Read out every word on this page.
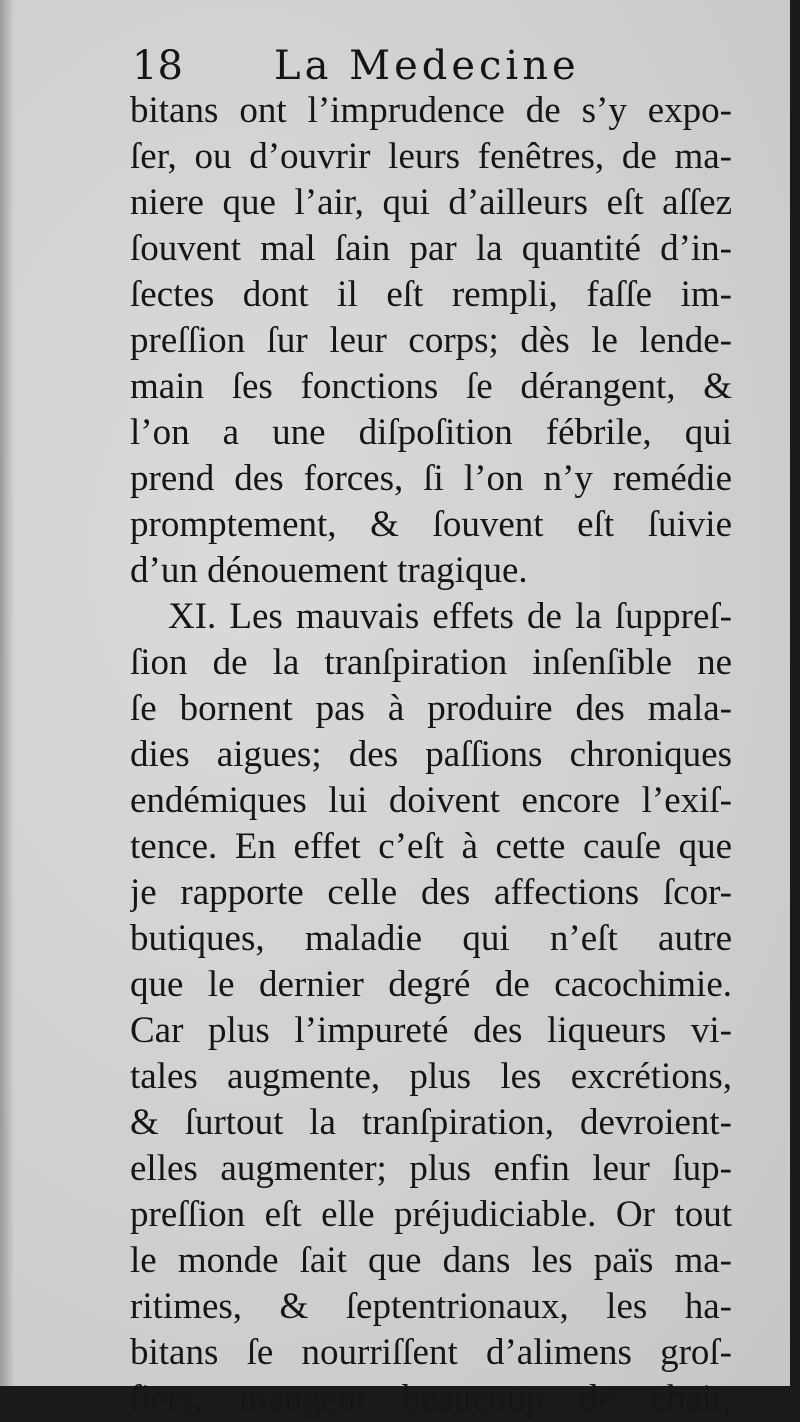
18 La Medecine
bitans ont l’imprudence de s’y expo-
ſer, ou d’ouvrir leurs fenêtres, de ma-
niere que l’air, qui d’ailleurs eſt aſſez
ſouvent mal ſain par la quantité d’in-
ſectes dont il eſt rempli, faſſe im-
preſſion ſur leur corps; dès le lende-
main ſes fonctions ſe dérangent, &
l’on a une diſpoſition fébrile, qui
prend des forces, ſi l’on n’y remédie
promptement, & ſouvent eſt ſuivie
d’un dénouement tragique.
XI. Les mauvais effets de la ſuppreſ-
ſion de la tranſpiration inſenſible ne
ſe bornent pas à produire des mala-
dies aigues; des paſſions chroniques
endémiques lui doivent encore l’exiſ-
tence. En effet c’eſt à cette cauſe que
je rapporte celle des affections ſcor-
butiques, maladie qui n’eſt autre
que le dernier degré de cacochimie.
Car plus l’impureté des liqueurs vi-
tales augmente, plus les excrétions,
& ſurtout la tranſpiration, devroient-
elles augmenter; plus enfin leur ſup-
preſſion eſt elle préjudiciable. Or tout
le monde ſait que dans les païs ma-
ritimes, & ſeptentrionaux, les ha-
bitans ſe nourriſſent d’alimens groſ-
ſiers, mangent beaucoup de chair,
